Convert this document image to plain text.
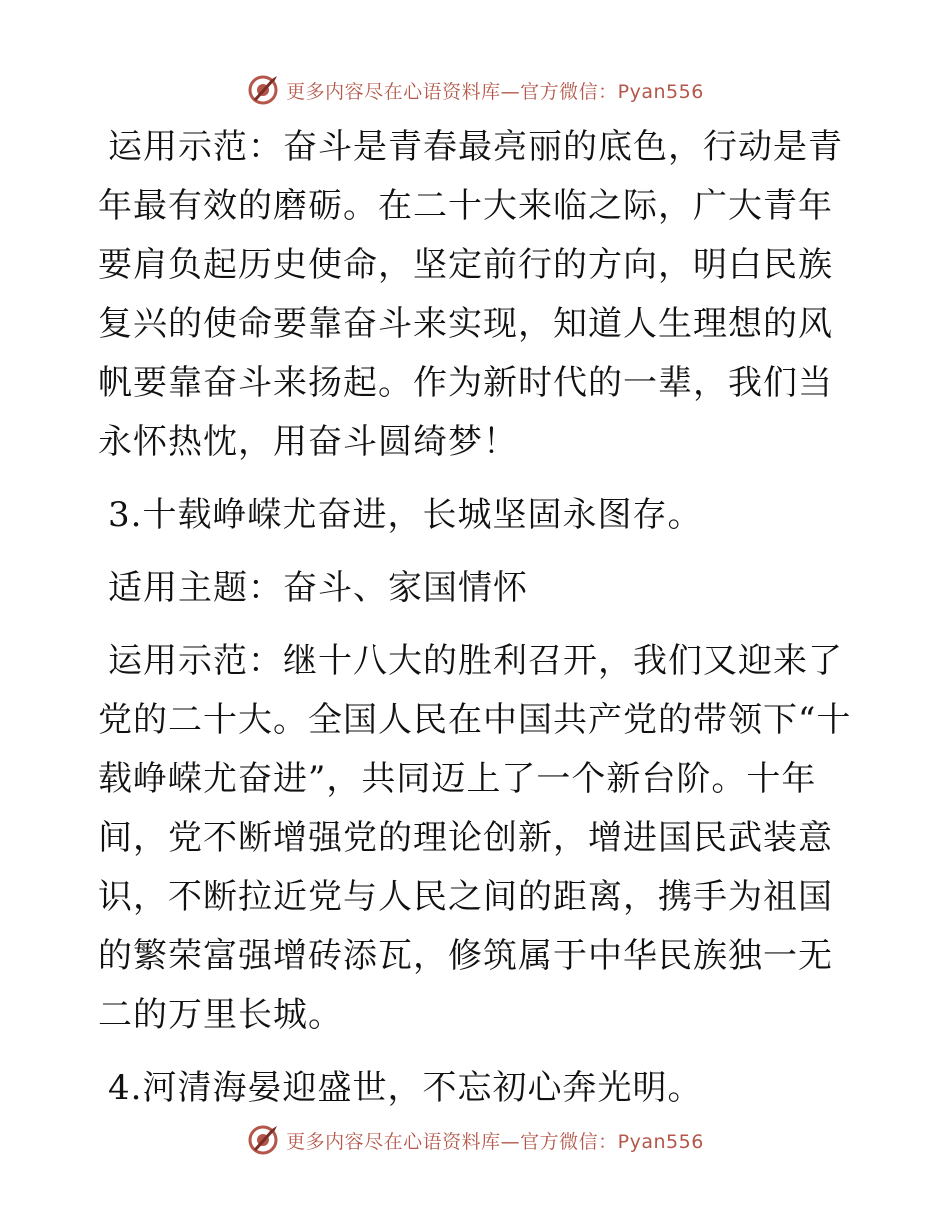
更多内容尽在心语资料库—官方微信：Pyan556

运用示范：奋斗是青春最亮丽的底色，行动是青年最有效的磨砺。在二十大来临之际，广大青年要肩负起历史使命，坚定前行的方向，明白民族复兴的使命要靠奋斗来实现，知道人生理想的风帆要靠奋斗来扬起。作为新时代的一辈，我们当永怀热忱，用奋斗圆绮梦！

3.十载峥嵘尤奋进，长城坚固永图存。

适用主题：奋斗、家国情怀

运用示范：继十八大的胜利召开，我们又迎来了党的二十大。全国人民在中国共产党的带领下“十载峥嵘尤奋进”，共同迈上了一个新台阶。十年间，党不断增强党的理论创新，增进国民武装意识，不断拉近党与人民之间的距离，携手为祖国的繁荣富强增砖添瓦，修筑属于中华民族独一无二的万里长城。

4.河清海晏迎盛世，不忘初心奔光明。

更多内容尽在心语资料库—官方微信：Pyan556
